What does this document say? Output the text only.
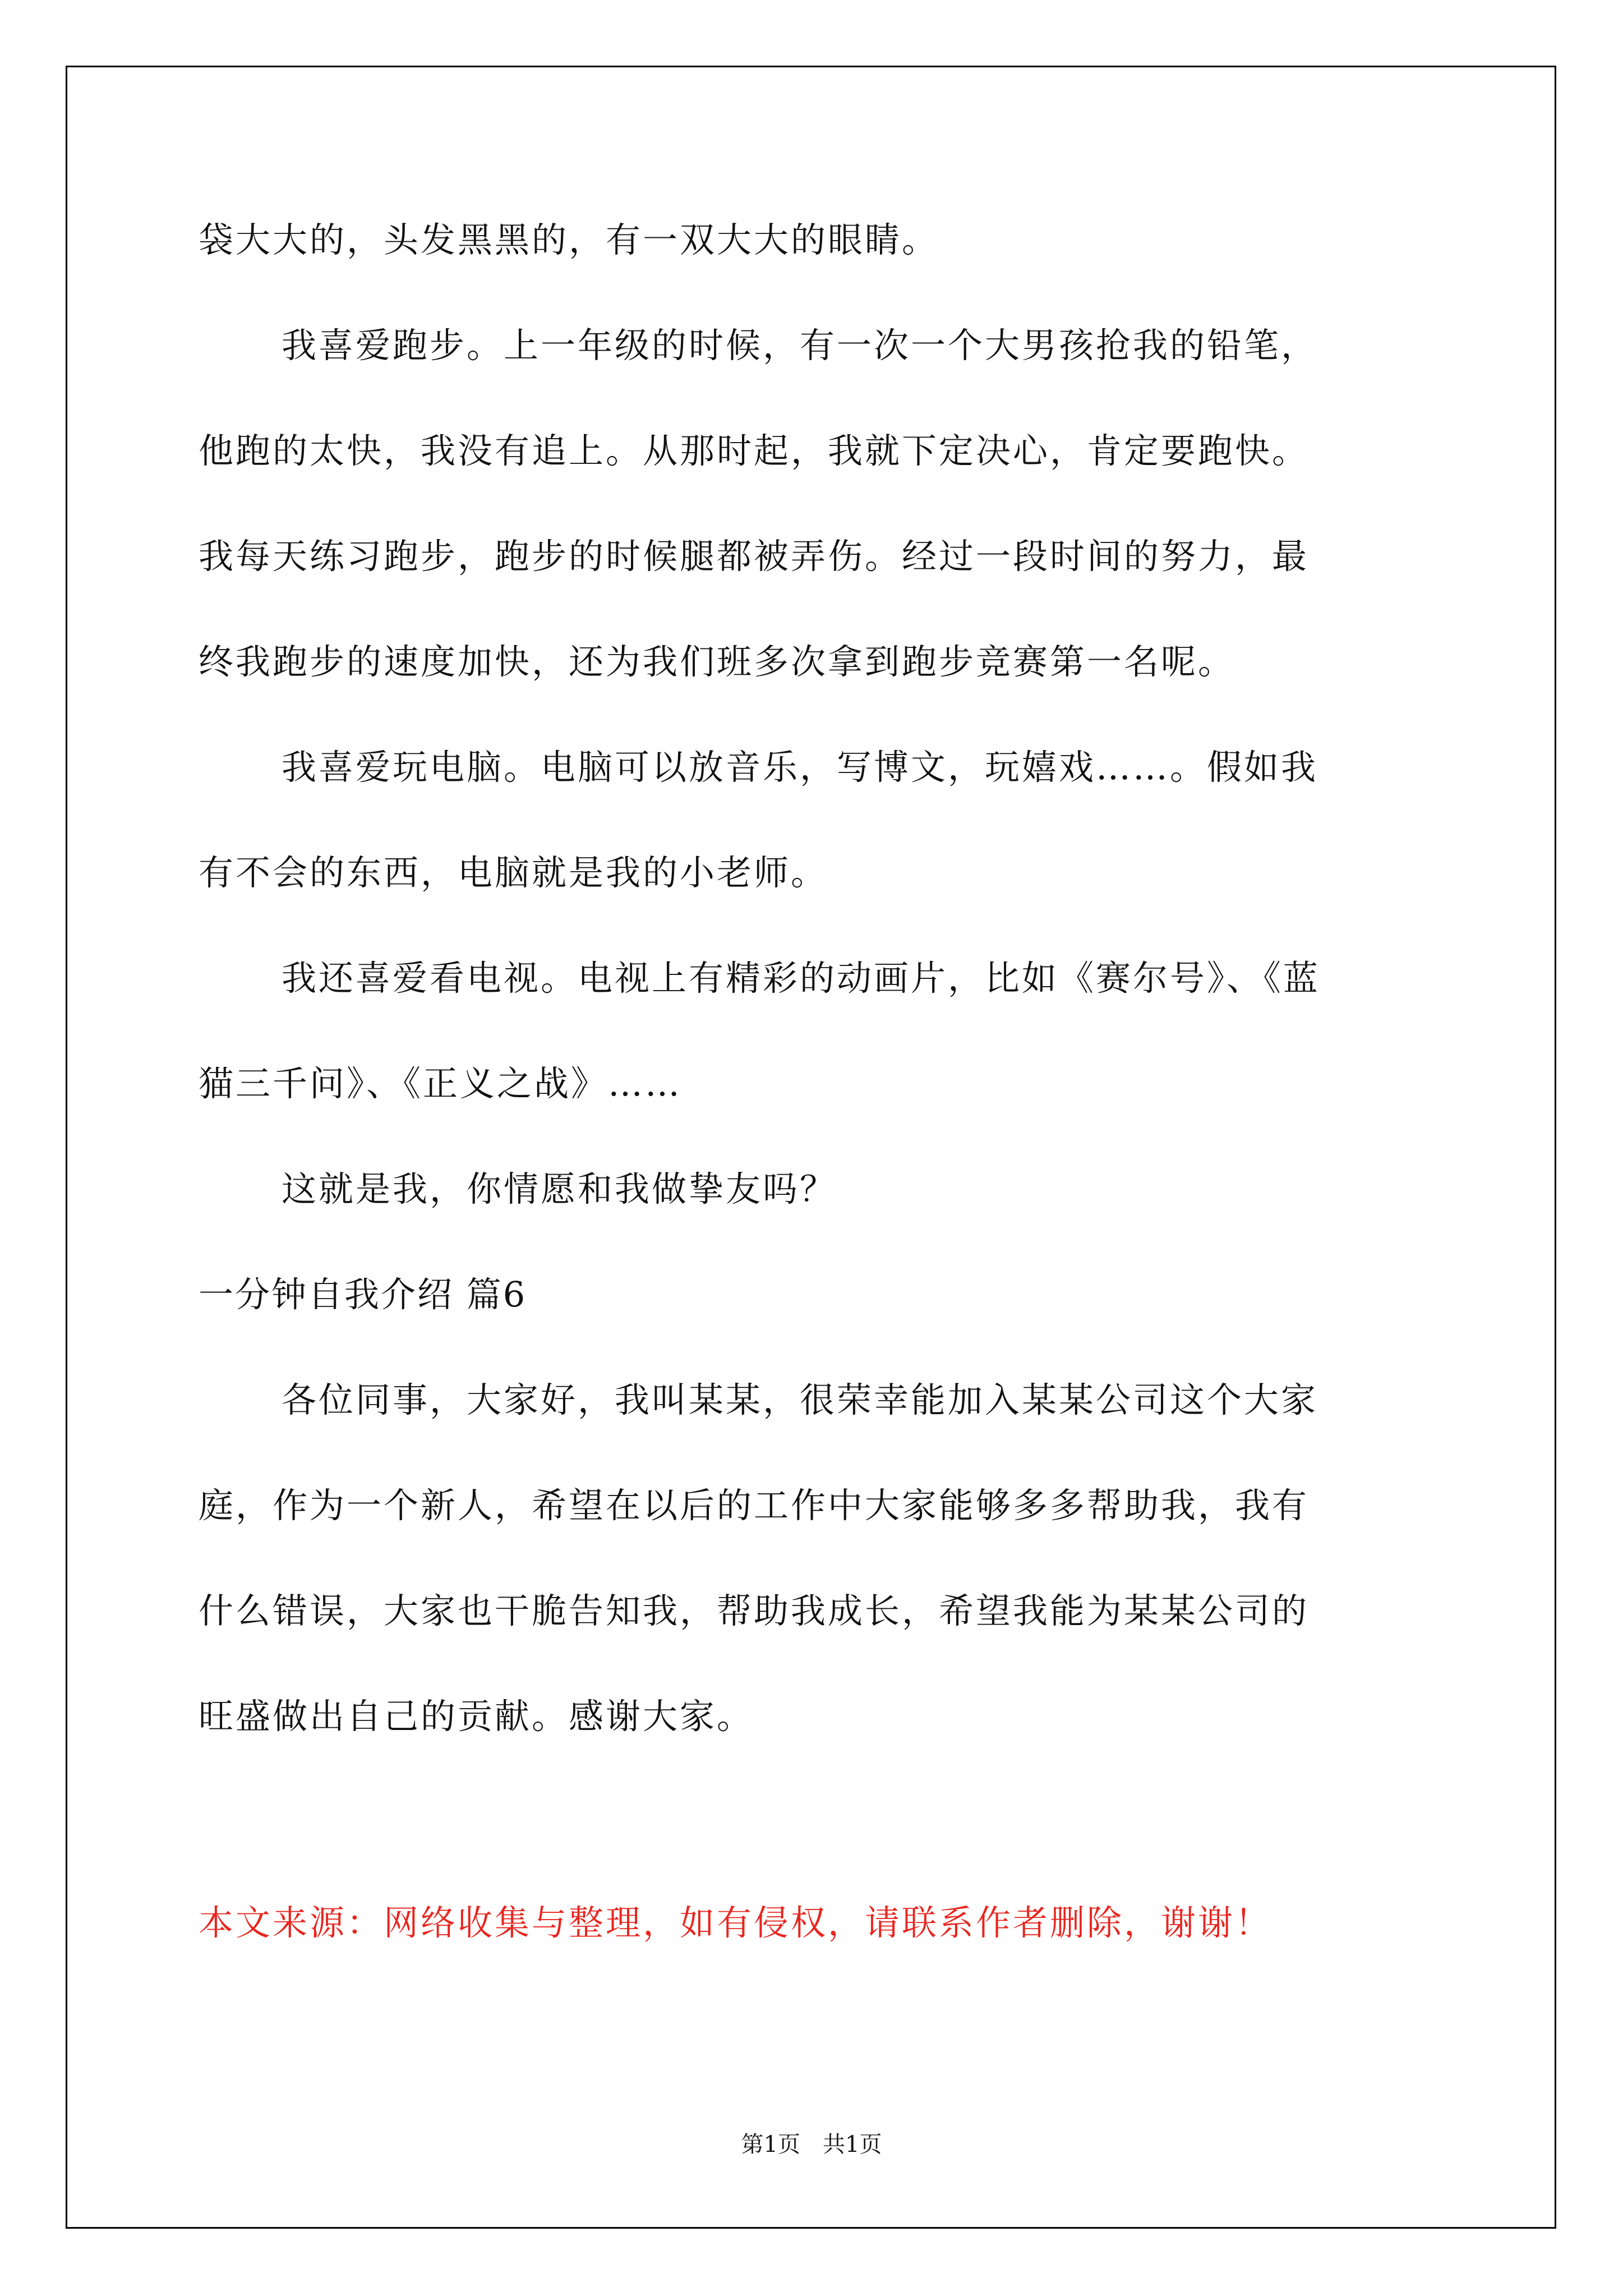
袋大大的，头发黑黑的，有一双大大的眼睛。
我喜爱跑步。上一年级的时候，有一次一个大男孩抢我的铅笔，
他跑的太快，我没有追上。从那时起，我就下定决心，肯定要跑快。
我每天练习跑步，跑步的时候腿都被弄伤。经过一段时间的努力，最
终我跑步的速度加快，还为我们班多次拿到跑步竞赛第一名呢。
我喜爱玩电脑。电脑可以放音乐，写博文，玩嬉戏……。假如我
有不会的东西，电脑就是我的小老师。
我还喜爱看电视。电视上有精彩的动画片，比如《赛尔号》、《蓝
猫三千问》、《正义之战》……
这就是我，你情愿和我做挚友吗？
一分钟自我介绍 篇6
各位同事，大家好，我叫某某，很荣幸能加入某某公司这个大家
庭，作为一个新人，希望在以后的工作中大家能够多多帮助我，我有
什么错误，大家也干脆告知我，帮助我成长，希望我能为某某公司的
旺盛做出自己的贡献。感谢大家。
本文来源：网络收集与整理，如有侵权，请联系作者删除，谢谢！
第1页 共1页
